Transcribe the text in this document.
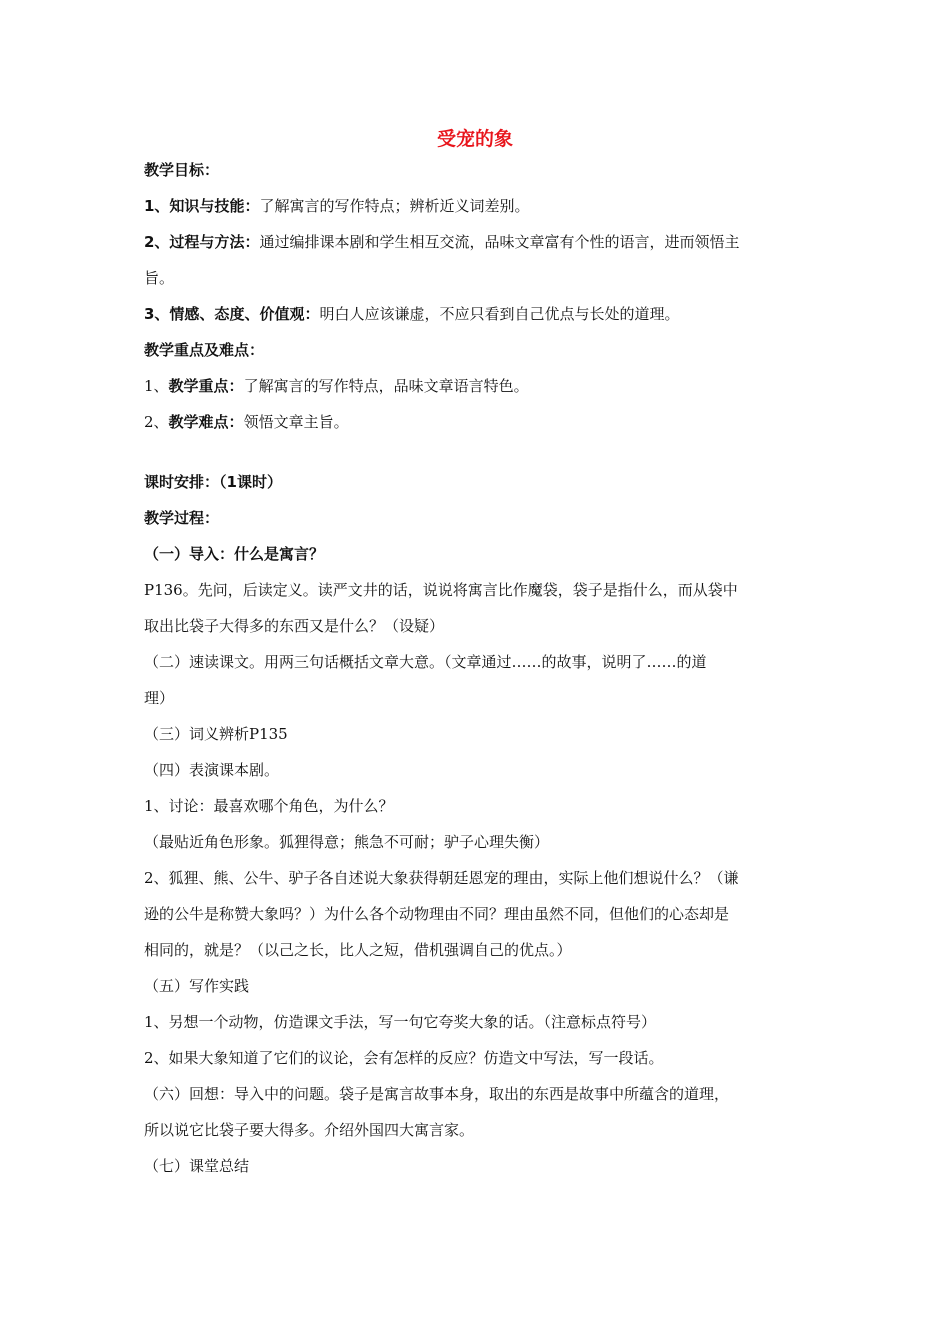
受宠的象

教学目标：

1、知识与技能：了解寓言的写作特点；辨析近义词差别。

2、过程与方法：通过编排课本剧和学生相互交流，品味文章富有个性的语言，进而领悟主

旨。

3、情感、态度、价值观：明白人应该谦虚，不应只看到自己优点与长处的道理。

教学重点及难点：

1、教学重点：了解寓言的写作特点，品味文章语言特色。

2、教学难点：领悟文章主旨。

课时安排：（1课时）

教学过程：

（一）导入：什么是寓言？

P136。先问，后读定义。读严文井的话，说说将寓言比作魔袋，袋子是指什么，而从袋中

取出比袋子大得多的东西又是什么？（设疑）

（二）速读课文。用两三句话概括文章大意。（文章通过……的故事，说明了……的道

理）

（三）词义辨析P135

（四）表演课本剧。

1、讨论：最喜欢哪个角色，为什么？

（最贴近角色形象。狐狸得意；熊急不可耐；驴子心理失衡）

2、狐狸、熊、公牛、驴子各自述说大象获得朝廷恩宠的理由，实际上他们想说什么？（谦

逊的公牛是称赞大象吗？）为什么各个动物理由不同？理由虽然不同，但他们的心态却是

相同的，就是？（以己之长，比人之短，借机强调自己的优点。）

（五）写作实践

1、另想一个动物，仿造课文手法，写一句它夸奖大象的话。（注意标点符号）

2、如果大象知道了它们的议论，会有怎样的反应？仿造文中写法，写一段话。

（六）回想：导入中的问题。袋子是寓言故事本身，取出的东西是故事中所蕴含的道理，

所以说它比袋子要大得多。介绍外国四大寓言家。

（七）课堂总结
